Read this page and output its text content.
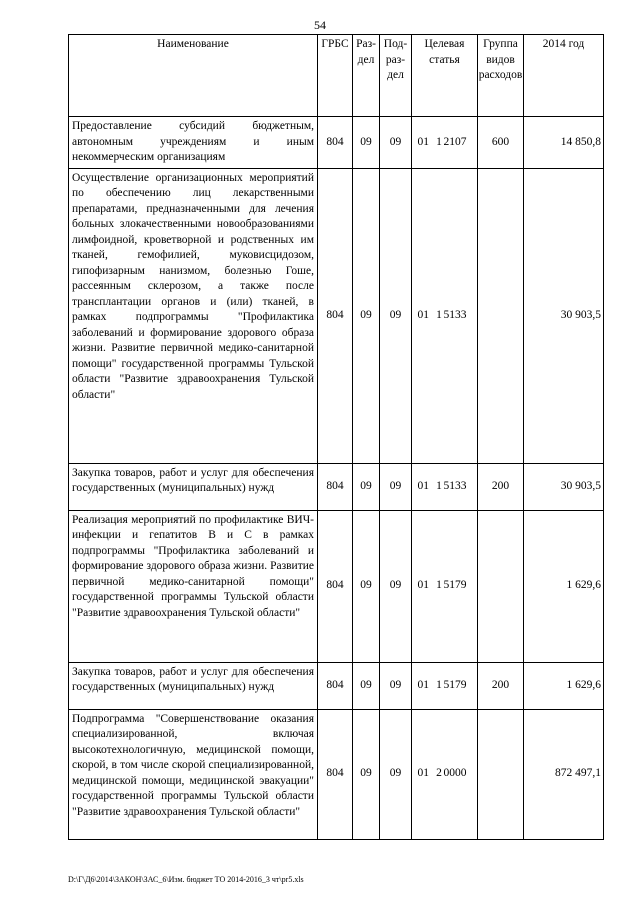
54
Наименование	ГРБС	Раз-дел	Под-раз-дел	Целевая статья			Группа видов расходов	2014 год
Предоставление субсидий бюджетным, автономным учреждениям и иным некоммерческим организациям	804	09	09	01	1	2107	600	14 850,8
Осуществление организационных мероприятий по обеспечению лиц лекарственными препаратами, предназначенными для лечения больных злокачественными новообразованиями лимфоидной, кроветворной и родственных им тканей, гемофилией, муковисцидозом, гипофизарным нанизмом, болезнью Гоше, рассеянным склерозом, а также после трансплантации органов и (или) тканей, в рамках подпрограммы "Профилактика заболеваний и формирование здорового образа жизни. Развитие первичной медико-санитарной помощи" государственной программы Тульской области "Развитие здравоохранения Тульской области"	804	09	09	01	1	5133		30 903,5
Закупка товаров, работ и услуг для обеспечения государственных (муниципальных) нужд	804	09	09	01	1	5133	200	30 903,5
Реализация мероприятий по профилактике ВИЧ-инфекции и гепатитов В и С в рамках подпрограммы "Профилактика заболеваний и формирование здорового образа жизни. Развитие первичной медико-санитарной помощи" государственной программы Тульской области "Развитие здравоохранения Тульской области"	804	09	09	01	1	5179		1 629,6
Закупка товаров, работ и услуг для обеспечения государственных (муниципальных) нужд	804	09	09	01	1	5179	200	1 629,6
Подпрограмма "Совершенствование оказания специализированной, включая высокотехнологичную, медицинской помощи, скорой, в том числе скорой специализированной, медицинской помощи, медицинской эвакуации" государственной программы Тульской области "Развитие здравоохранения Тульской области"	804	09	09	01	2	0000		872 497,1
D:\Г\Д6\2014\ЗАКОН\ЗАС_6\Изм. бюджет ТО 2014-2016_3 чт\pr5.xls
